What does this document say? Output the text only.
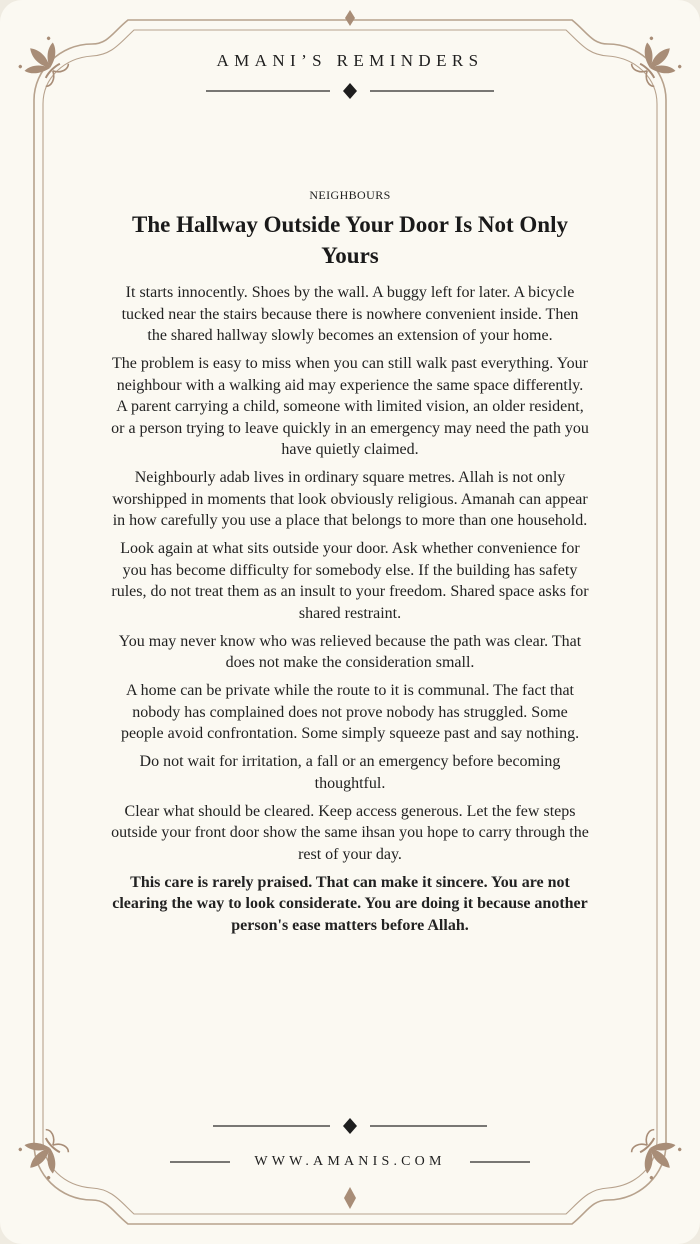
AMANI’S REMINDERS
NEIGHBOURS
The Hallway Outside Your Door Is Not Only Yours

It starts innocently. Shoes by the wall. A buggy left for later. A bicycle tucked near the stairs because there is nowhere convenient inside. Then the shared hallway slowly becomes an extension of your home.

The problem is easy to miss when you can still walk past everything. Your neighbour with a walking aid may experience the same space differently. A parent carrying a child, someone with limited vision, an older resident, or a person trying to leave quickly in an emergency may need the path you have quietly claimed.

Neighbourly adab lives in ordinary square metres. Allah is not only worshipped in moments that look obviously religious. Amanah can appear in how carefully you use a place that belongs to more than one household.

Look again at what sits outside your door. Ask whether convenience for you has become difficulty for somebody else. If the building has safety rules, do not treat them as an insult to your freedom. Shared space asks for shared restraint.

You may never know who was relieved because the path was clear. That does not make the consideration small.

A home can be private while the route to it is communal. The fact that nobody has complained does not prove nobody has struggled. Some people avoid confrontation. Some simply squeeze past and say nothing.

Do not wait for irritation, a fall or an emergency before becoming thoughtful.

Clear what should be cleared. Keep access generous. Let the few steps outside your front door show the same ihsan you hope to carry through the rest of your day.

This care is rarely praised. That can make it sincere. You are not clearing the way to look considerate. You are doing it because another person's ease matters before Allah.

WWW.AMANIS.COM
